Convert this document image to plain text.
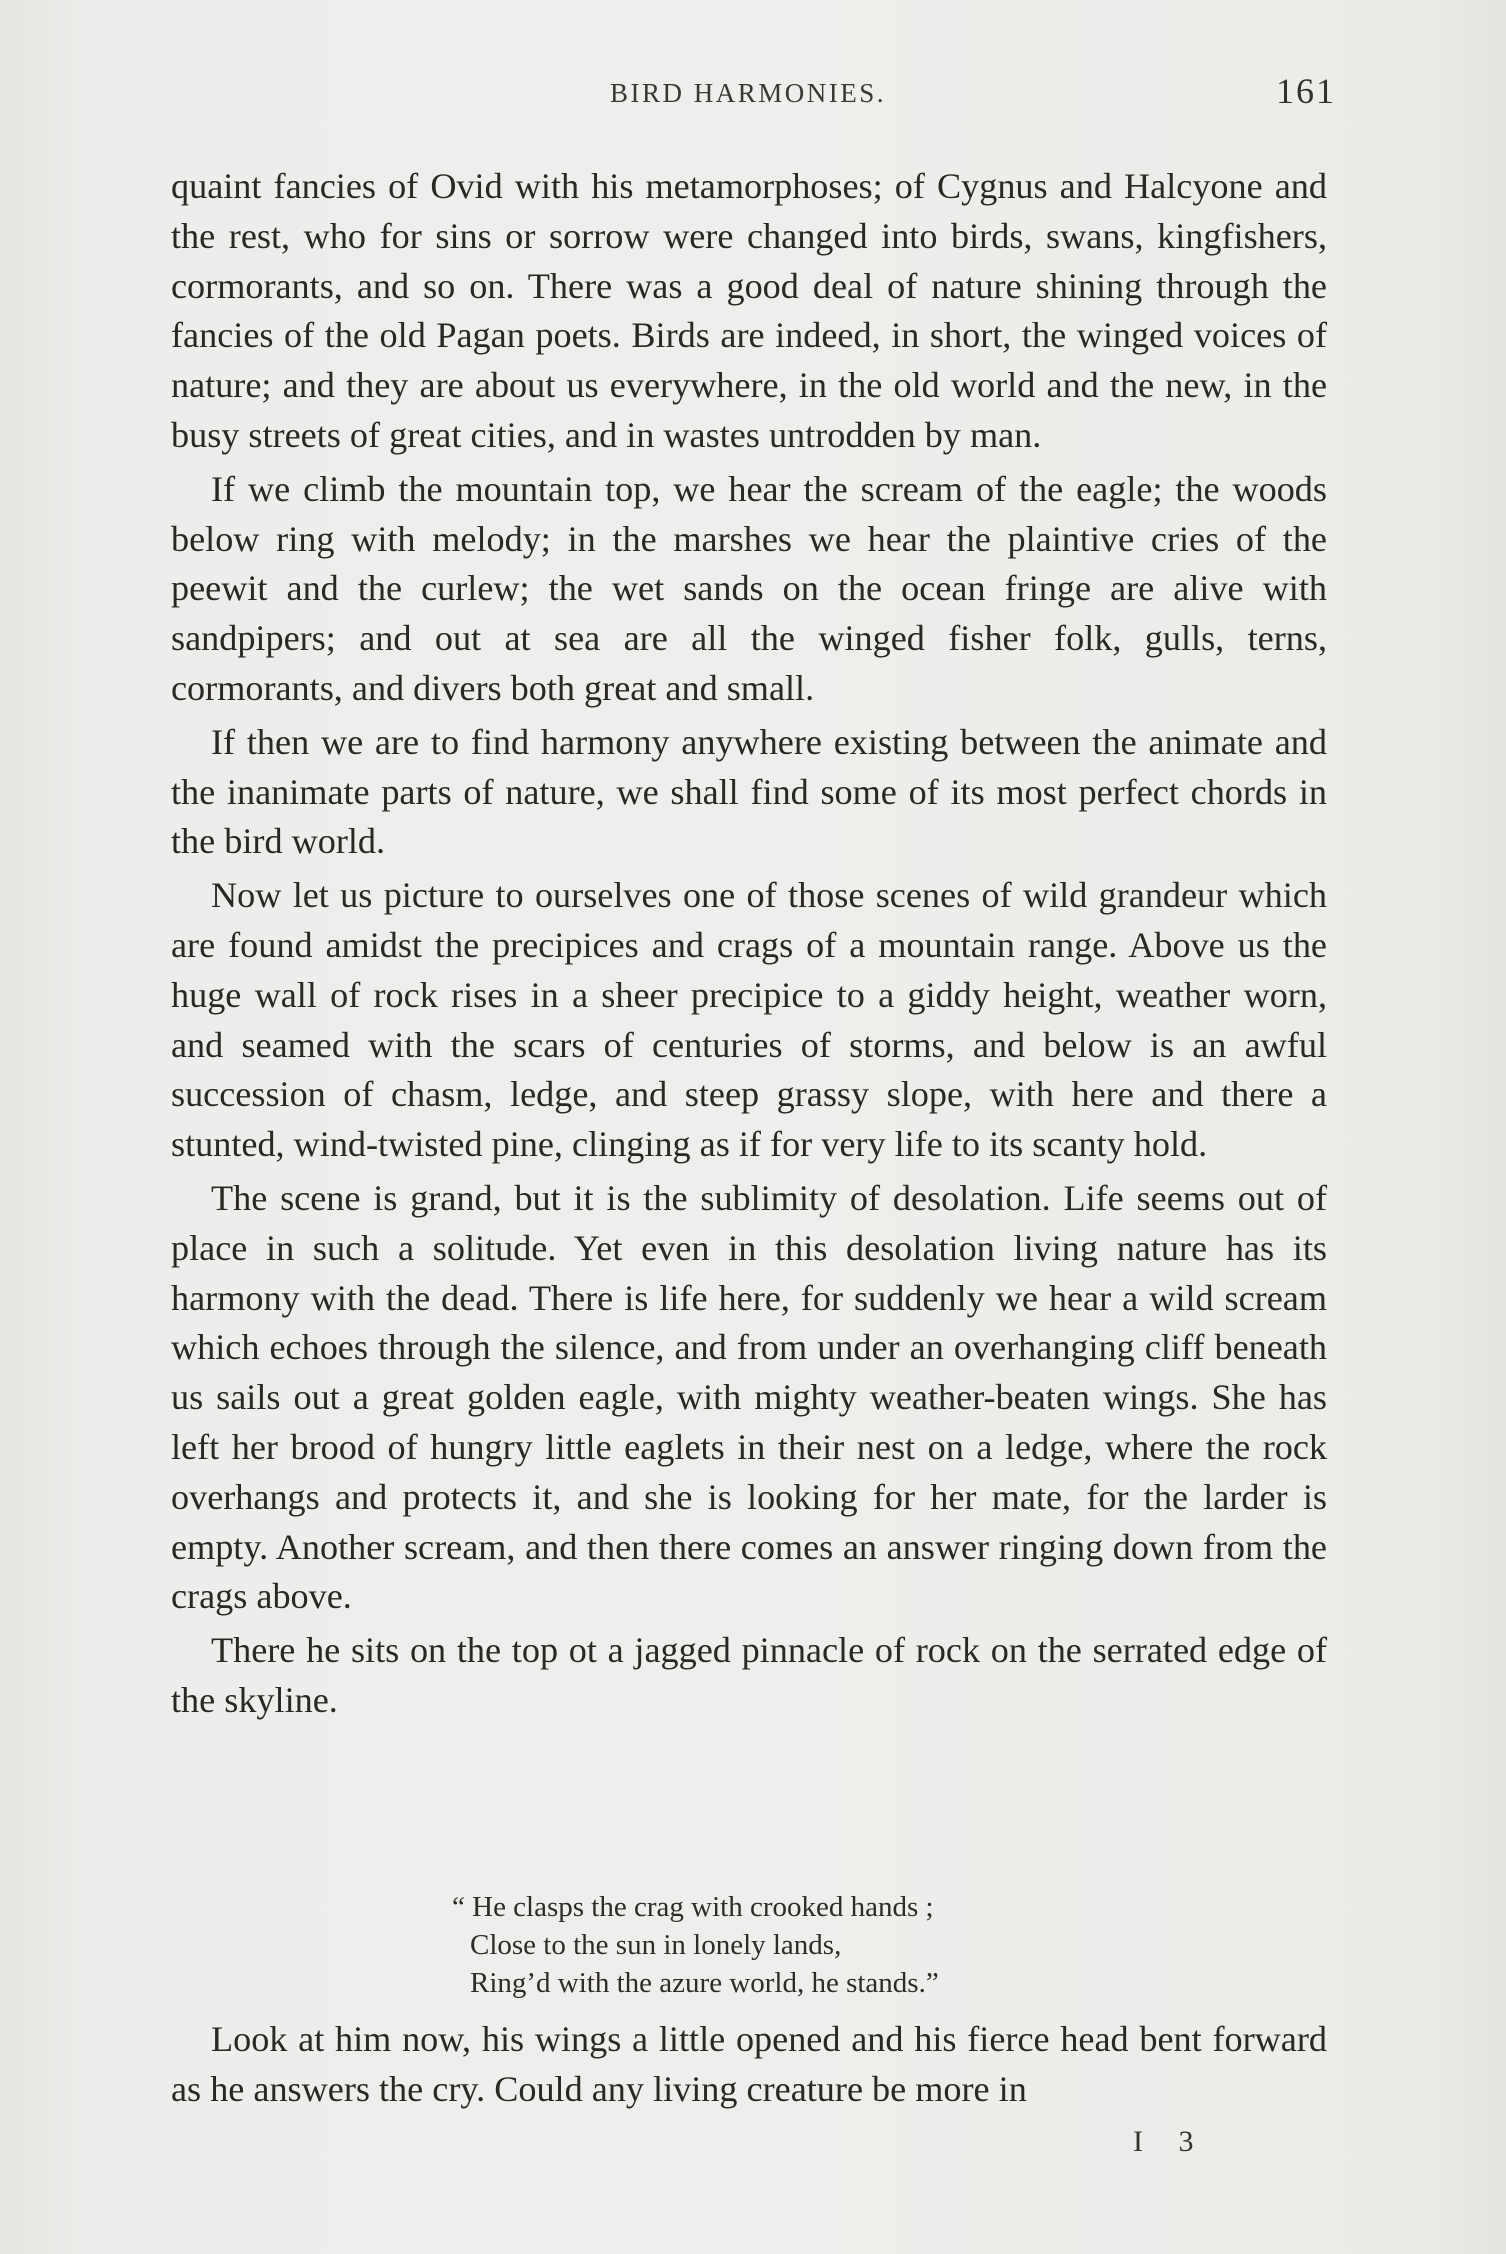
BIRD HARMONIES.	161

quaint fancies of Ovid with his metamorphoses; of Cygnus and Halcyone and the rest, who for sins or sorrow were changed into birds, swans, kingfishers, cormorants, and so on. There was a good deal of nature shining through the fancies of the old Pagan poets. Birds are indeed, in short, the winged voices of nature; and they are about us everywhere, in the old world and the new, in the busy streets of great cities, and in wastes untrodden by man.

If we climb the mountain top, we hear the scream of the eagle; the woods below ring with melody; in the marshes we hear the plaintive cries of the peewit and the curlew; the wet sands on the ocean fringe are alive with sandpipers; and out at sea are all the winged fisher folk, gulls, terns, cormorants, and divers both great and small.

If then we are to find harmony anywhere existing between the animate and the inanimate parts of nature, we shall find some of its most perfect chords in the bird world.

Now let us picture to ourselves one of those scenes of wild grandeur which are found amidst the precipices and crags of a mountain range. Above us the huge wall of rock rises in a sheer precipice to a giddy height, weather worn, and seamed with the scars of centuries of storms, and below is an awful succession of chasm, ledge, and steep grassy slope, with here and there a stunted, wind-twisted pine, clinging as if for very life to its scanty hold.

The scene is grand, but it is the sublimity of desolation. Life seems out of place in such a solitude. Yet even in this desolation living nature has its harmony with the dead. There is life here, for suddenly we hear a wild scream which echoes through the silence, and from under an overhanging cliff beneath us sails out a great golden eagle, with mighty weather-beaten wings. She has left her brood of hungry little eaglets in their nest on a ledge, where the rock overhangs and protects it, and she is looking for her mate, for the larder is empty. Another scream, and then there comes an answer ringing down from the crags above.

There he sits on the top ot a jagged pinnacle of rock on the serrated edge of the skyline.

“ He clasps the crag with crooked hands ;
Close to the sun in lonely lands,
Ring’d with the azure world, he stands.”

Look at him now, his wings a little opened and his fierce head bent forward as he answers the cry. Could any living creature be more in

I 3
